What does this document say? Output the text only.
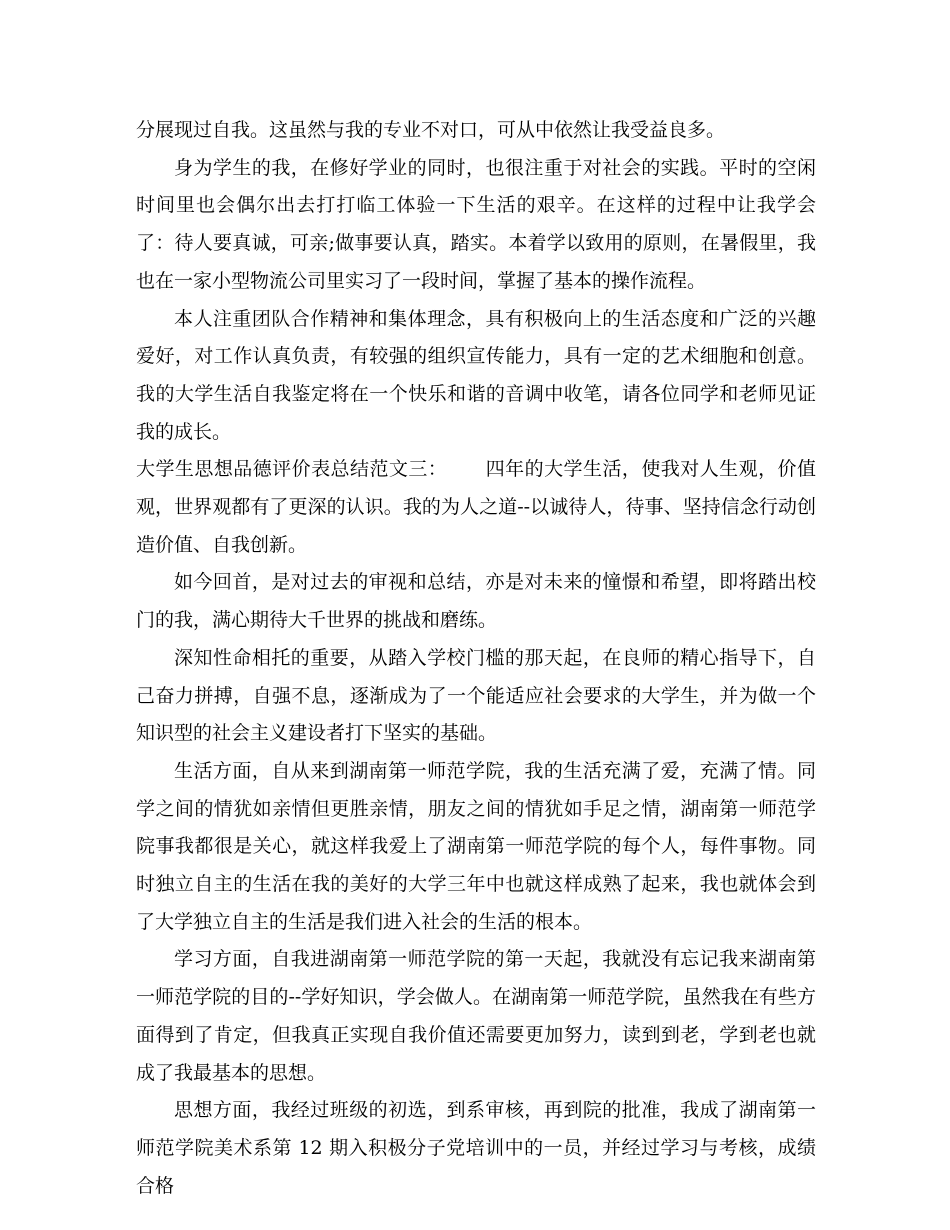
分展现过自我。这虽然与我的专业不对口，可从中依然让我受益良多。

身为学生的我，在修好学业的同时，也很注重于对社会的实践。平时的空闲时间里也会偶尔出去打打临工体验一下生活的艰辛。在这样的过程中让我学会了：待人要真诚，可亲;做事要认真，踏实。本着学以致用的原则，在暑假里，我也在一家小型物流公司里实习了一段时间，掌握了基本的操作流程。

本人注重团队合作精神和集体理念，具有积极向上的生活态度和广泛的兴趣爱好，对工作认真负责，有较强的组织宣传能力，具有一定的艺术细胞和创意。我的大学生活自我鉴定将在一个快乐和谐的音调中收笔，请各位同学和老师见证我的成长。

大学生思想品德评价表总结范文三： 四年的大学生活，使我对人生观，价值观，世界观都有了更深的认识。我的为人之道--以诚待人，待事、坚持信念行动创造价值、自我创新。

如今回首，是对过去的审视和总结，亦是对未来的憧憬和希望，即将踏出校门的我，满心期待大千世界的挑战和磨练。

深知性命相托的重要，从踏入学校门槛的那天起，在良师的精心指导下，自己奋力拼搏，自强不息，逐渐成为了一个能适应社会要求的大学生，并为做一个知识型的社会主义建设者打下坚实的基础。

生活方面，自从来到湖南第一师范学院，我的生活充满了爱，充满了情。同学之间的情犹如亲情但更胜亲情，朋友之间的情犹如手足之情，湖南第一师范学院事我都很是关心，就这样我爱上了湖南第一师范学院的每个人，每件事物。同时独立自主的生活在我的美好的大学三年中也就这样成熟了起来，我也就体会到了大学独立自主的生活是我们进入社会的生活的根本。

学习方面，自我进湖南第一师范学院的第一天起，我就没有忘记我来湖南第一师范学院的目的--学好知识，学会做人。在湖南第一师范学院，虽然我在有些方面得到了肯定，但我真正实现自我价值还需要更加努力，读到到老，学到老也就成了我最基本的思想。

思想方面，我经过班级的初选，到系审核，再到院的批准，我成了湖南第一师范学院美术系第 12 期入积极分子党培训中的一员，并经过学习与考核，成绩合格
